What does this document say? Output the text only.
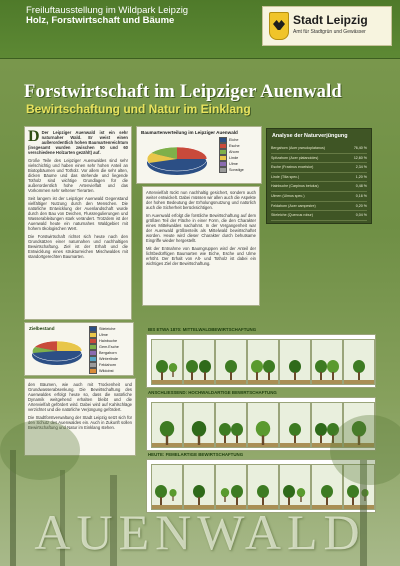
Freiluftausstellung im Wildpark Leipzig
Holz, Forstwirtschaft und Bäume	Stadt Leipzig
Amt für Stadtgrün und Gewässer
Forstwirtschaft im Leipziger Auenwald
Bewirtschaftung und Natur im Einklang
D Der Leipziger Auenwald ist ein sehr naturnaher Wald. Er weist einen außerordentlich hohen Baumartenreichtum (insgesamt wurden zwischen 50 und 60 verschiedene Holzarten gezählt) auf.
Große Teile des Leipziger Auenwaldes sind sehr vielschichtig und haben einen sehr hohen Anteil an Biotopbäumen und Totholz. Vor allem die sehr alten, dicken Bäume und das stehende und liegende Totholz sind wichtige Grundlagen für die außerordentlich hohe Artenvielfalt und das Vorkommen sehr seltener Tierarten.
Seit langem ist der Leipziger Auenwald Gegenstand vielfältiger Nutzung durch den Menschen. Die natürliche Entwicklung der Auenlandschaft wurde durch den Bau von Deichen, Flussregulierungen und Wasserableitungen stark verändert. Trotzdem ist der Auenwald heute ein naturnahes Waldgebiet mit hohem ökologischen Wert.
Die Forstwirtschaft richtet sich heute nach den Grundsätzen einer naturnahen und nachhaltigen Bewirtschaftung. Ziel ist der Erhalt und die Entwicklung eines strukturreichen Mischwaldes mit standortgerechten Baumarten.
Baumartenverteilung im Leipziger Auenwald
Eiche
Esche
Ahorn
Linde
Ulme
Sonstige
Artenvielfalt rückt nun nachhaltig gesichert, sondern auch weiter entwickelt. Dabei müssen wir allen auch die Aspekte der hohen Bedeutung der Erholungsnutzung und natürlich auch die Sicherheit berücksichtigen.
Im Auenwald erfolgt die forstliche Bewirtschaftung auf dem größten Teil der Fläche in einer Form, die den Charakter eines Mittelwaldes nachahmt. In der Vergangenheit war der Auenwald größtenteils als Mittelwald bewirtschaftet worden. Heute wird dieser Charakter durch behutsame Eingriffe wieder hergestellt.
Mit der Entnahme von Baumgruppen wird der Anteil der lichtbedürftigen Baumarten wie Eiche, Esche und Ulme erhöht. Der Erhalt von Alt- und Totholz ist dabei ein wichtiges Ziel der Bewirtschaftung.
Analyse der Naturverjüngung
Bergahorn (Acer pseudoplatanus)	76,40 %
Spitzahorn (Acer platanoides)	12,60 %
Esche (Fraxinus excelsior)	2,34 %
Linde (Tilia spec.)	1,20 %
Hainbuche (Carpinus betulus)	0,48 %
Ulmen (Ulmus spec.)	0,16 %
Feldahorn (Acer campestre)	0,20 %
Stieleiche (Quercus robur)	0,04 %
Zielbestand	Stieleiche
Ulme
Hainbuche
Gem.Esche
Bergahorn
Winterlinde
Feldahorn
Wildobst
den Bäumen, wie auch mit Trockenheit und Grundwasserabsenkung. Die Bewirtschaftung des Auenwaldes erfolgt heute so, dass die natürliche Dynamik weitgehend erhalten bleibt und die Artenvielfalt gefördert wird. Dabei wird auf Kahlschläge verzichtet und die natürliche Verjüngung gefördert.
Die Stadtforstverwaltung der Stadt Leipzig setzt sich für den Schutz des Auenwaldes ein. Auch in Zukunft sollen Bewirtschaftung und Natur im Einklang stehen.
BIS ETWA 1870: MITTELWALDBEWIRTSCHAFTUNG
ANSCHLIESSEND: HOCHWALDARTIGE BEWIRTSCHAFTUNG
HEUTE: FEMELARTIGE BEWIRTSCHAFTUNG
AUENWALD
